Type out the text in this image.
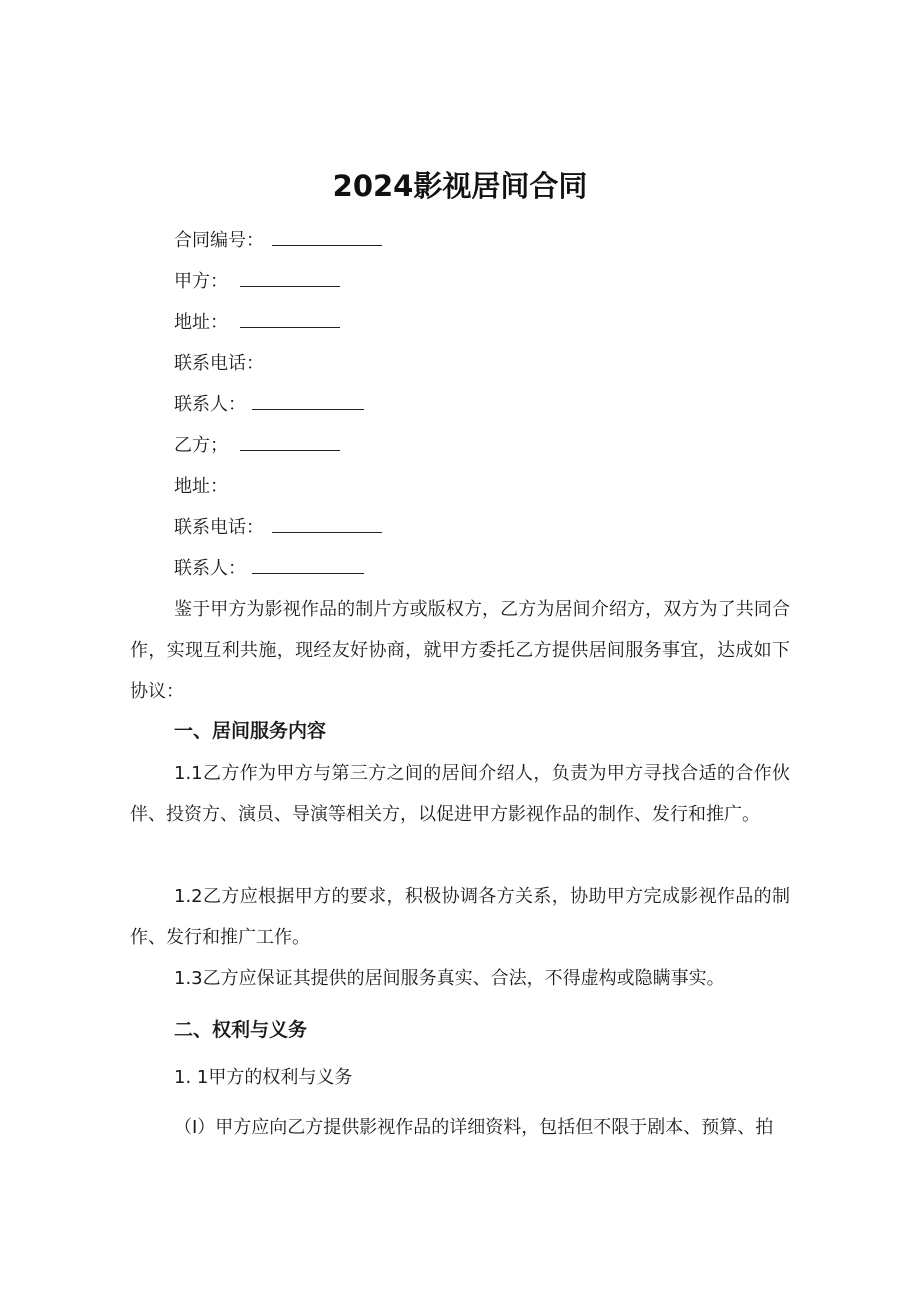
2024影视居间合同
合同编号：
甲方：
地址：
联系电话：
联系人：
乙方；
地址：
联系电话：
联系人：
鉴于甲方为影视作品的制片方或版权方，乙方为居间介绍方，双方为了共同合作，实现互利共施，现经友好协商，就甲方委托乙方提供居间服务事宜，达成如下协议：
一、居间服务内容
1.1乙方作为甲方与第三方之间的居间介绍人，负责为甲方寻找合适的合作伙伴、投资方、演员、导演等相关方，以促进甲方影视作品的制作、发行和推广。
1.2乙方应根据甲方的要求，积极协调各方关系，协助甲方完成影视作品的制作、发行和推广工作。
1.3乙方应保证其提供的居间服务真实、合法，不得虚构或隐瞒事实。
二、权利与义务
1. 1甲方的权利与义务
（I）甲方应向乙方提供影视作品的详细资料，包括但不限于剧本、预算、拍
